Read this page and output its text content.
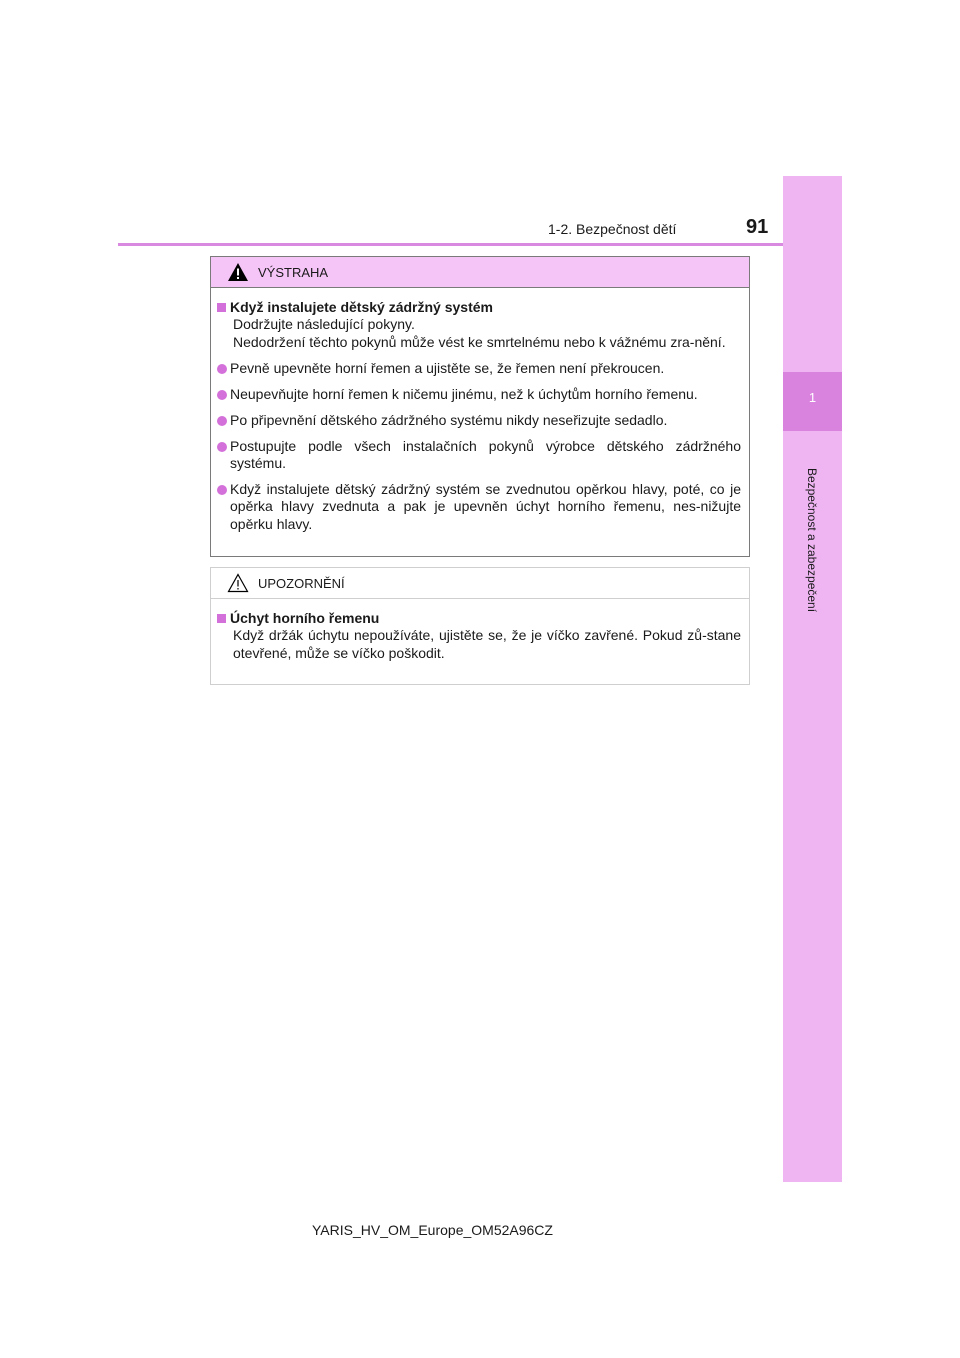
1-2. Bezpečnost dětí	91
1
Bezpečnost a zabezpečení
VÝSTRAHA
Když instalujete dětský zádržný systém

Dodržujte následující pokyny.

Nedodržení těchto pokynů může vést ke smrtelnému nebo k vážnému zra-nění.

Pevně upevněte horní řemen a ujistěte se, že řemen není překroucen.
Neupevňujte horní řemen k ničemu jinému, než k úchytům horního řemenu.
Po připevnění dětského zádržného systému nikdy neseřizujte sedadlo.
Postupujte podle všech instalačních pokynů výrobce dětského zádržného systému.
Když instalujete dětský zádržný systém se zvednutou opěrkou hlavy, poté, co je opěrka hlavy zvednuta a pak je upevněn úchyt horního řemenu, nes-nižujte opěrku hlavy.
UPOZORNĚNÍ
Úchyt horního řemenu

Když držák úchytu nepoužíváte, ujistěte se, že je víčko zavřené. Pokud zů-stane otevřené, může se víčko poškodit.

YARIS_HV_OM_Europe_OM52A96CZ
